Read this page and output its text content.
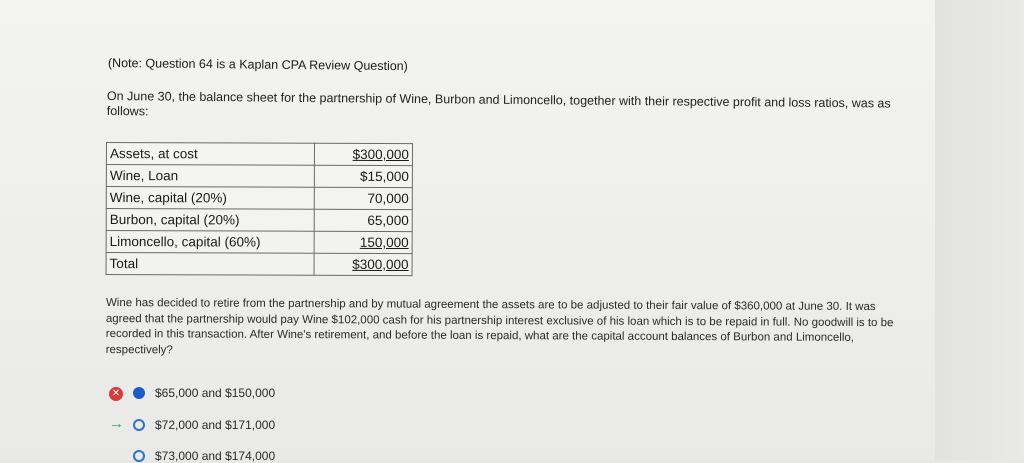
(Note: Question 64 is a Kaplan CPA Review Question)
On June 30, the balance sheet for the partnership of Wine, Burbon and Limoncello, together with their respective profit and loss ratios, was as follows:
Assets, at cost	$300,000
Wine, Loan	$15,000
Wine, capital (20%)	70,000
Burbon, capital (20%)	65,000
Limoncello, capital (60%)	150,000
Total	$300,000
Wine has decided to retire from the partnership and by mutual agreement the assets are to be adjusted to their fair value of $360,000 at June 30. It was agreed that the partnership would pay Wine $102,000 cash for his partnership interest exclusive of his loan which is to be repaid in full. No goodwill is to be recorded in this transaction. After Wine's retirement, and before the loan is repaid, what are the capital account balances of Burbon and Limoncello, respectively?
✕	$65,000 and $150,000
→	$72,000 and $171,000
$73,000 and $174,000
